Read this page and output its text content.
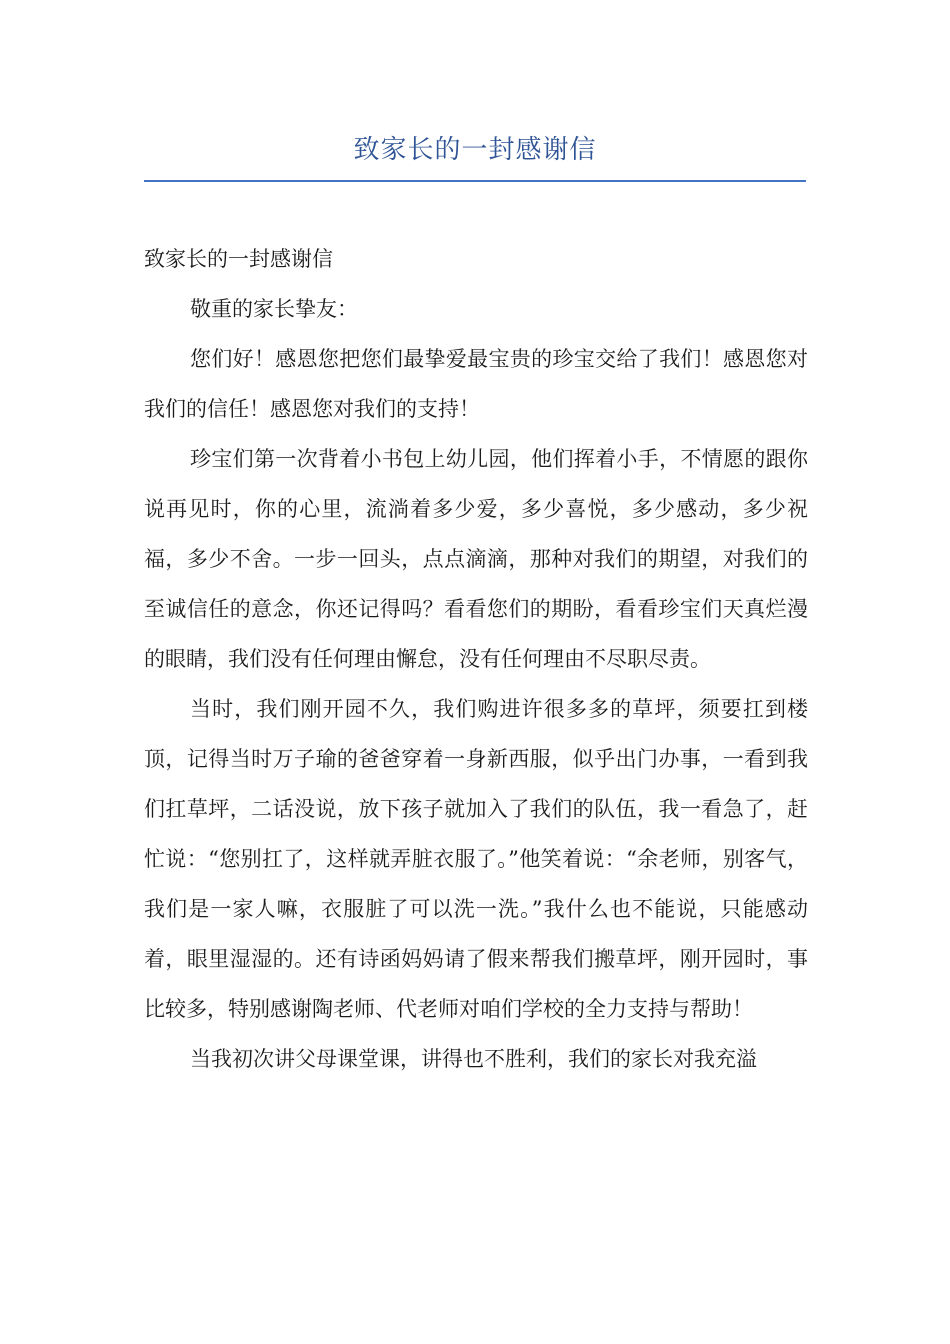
致家长的一封感谢信

致家长的一封感谢信

敬重的家长挚友：

您们好！感恩您把您们最挚爱最宝贵的珍宝交给了我们！感恩您对我们的信任！感恩您对我们的支持！

珍宝们第一次背着小书包上幼儿园，他们挥着小手，不情愿的跟你说再见时，你的心里，流淌着多少爱，多少喜悦，多少感动，多少祝福，多少不舍。一步一回头，点点滴滴，那种对我们的期望，对我们的至诚信任的意念，你还记得吗？看看您们的期盼，看看珍宝们天真烂漫的眼睛，我们没有任何理由懈怠，没有任何理由不尽职尽责。

当时，我们刚开园不久，我们购进许很多多的草坪，须要扛到楼顶，记得当时万子瑜的爸爸穿着一身新西服，似乎出门办事，一看到我们扛草坪，二话没说，放下孩子就加入了我们的队伍，我一看急了，赶忙说：“您别扛了，这样就弄脏衣服了。”他笑着说：“余老师，别客气，我们是一家人嘛，衣服脏了可以洗一洗。”我什么也不能说，只能感动着，眼里湿湿的。还有诗函妈妈请了假来帮我们搬草坪，刚开园时，事比较多，特别感谢陶老师、代老师对咱们学校的全力支持与帮助！

当我初次讲父母课堂课，讲得也不胜利，我们的家长对我充溢
